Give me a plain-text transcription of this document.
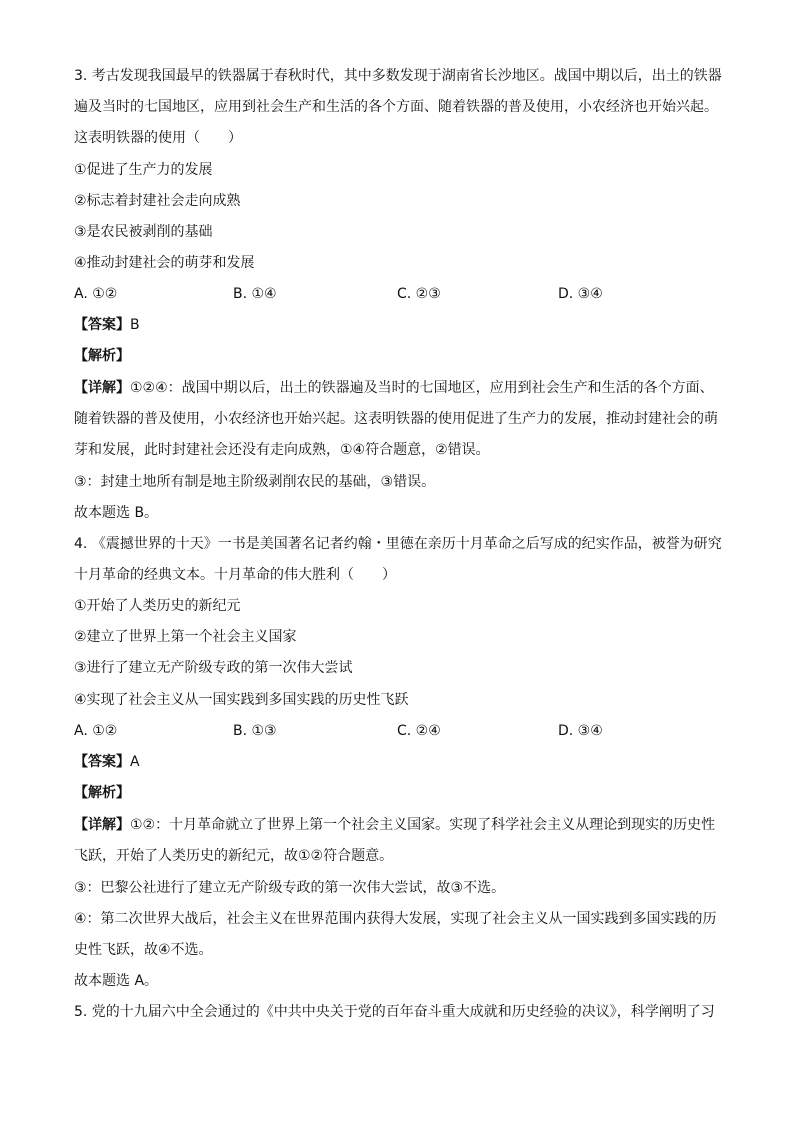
3. 考古发现我国最早的铁器属于春秋时代，其中多数发现于湖南省长沙地区。战国中期以后，出土的铁器
遍及当时的七国地区，应用到社会生产和生活的各个方面、随着铁器的普及使用，小农经济也开始兴起。
这表明铁器的使用（　　）
①促进了生产力的发展
②标志着封建社会走向成熟
③是农民被剥削的基础
④推动封建社会的萌芽和发展
A. ①②	B. ①④	C. ②③	D. ③④
【答案】B
【解析】
【详解】①②④：战国中期以后，出土的铁器遍及当时的七国地区，应用到社会生产和生活的各个方面、
随着铁器的普及使用，小农经济也开始兴起。这表明铁器的使用促进了生产力的发展，推动封建社会的萌
芽和发展，此时封建社会还没有走向成熟，①④符合题意，②错误。
③：封建土地所有制是地主阶级剥削农民的基础，③错误。
故本题选 B。
4. 《震撼世界的十天》一书是美国著名记者约翰・里德在亲历十月革命之后写成的纪实作品，被誉为研究
十月革命的经典文本。十月革命的伟大胜利（　　）
①开始了人类历史的新纪元
②建立了世界上第一个社会主义国家
③进行了建立无产阶级专政的第一次伟大尝试
④实现了社会主义从一国实践到多国实践的历史性飞跃
A. ①②	B. ①③	C. ②④	D. ③④
【答案】A
【解析】
【详解】①②：十月革命就立了世界上第一个社会主义国家。实现了科学社会主义从理论到现实的历史性
飞跃，开始了人类历史的新纪元，故①②符合题意。
③：巴黎公社进行了建立无产阶级专政的第一次伟大尝试，故③不选。
④：第二次世界大战后，社会主义在世界范围内获得大发展，实现了社会主义从一国实践到多国实践的历
史性飞跃，故④不选。
故本题选 A。
5. 党的十九届六中全会通过的《中共中央关于党的百年奋斗重大成就和历史经验的决议》，科学阐明了习
